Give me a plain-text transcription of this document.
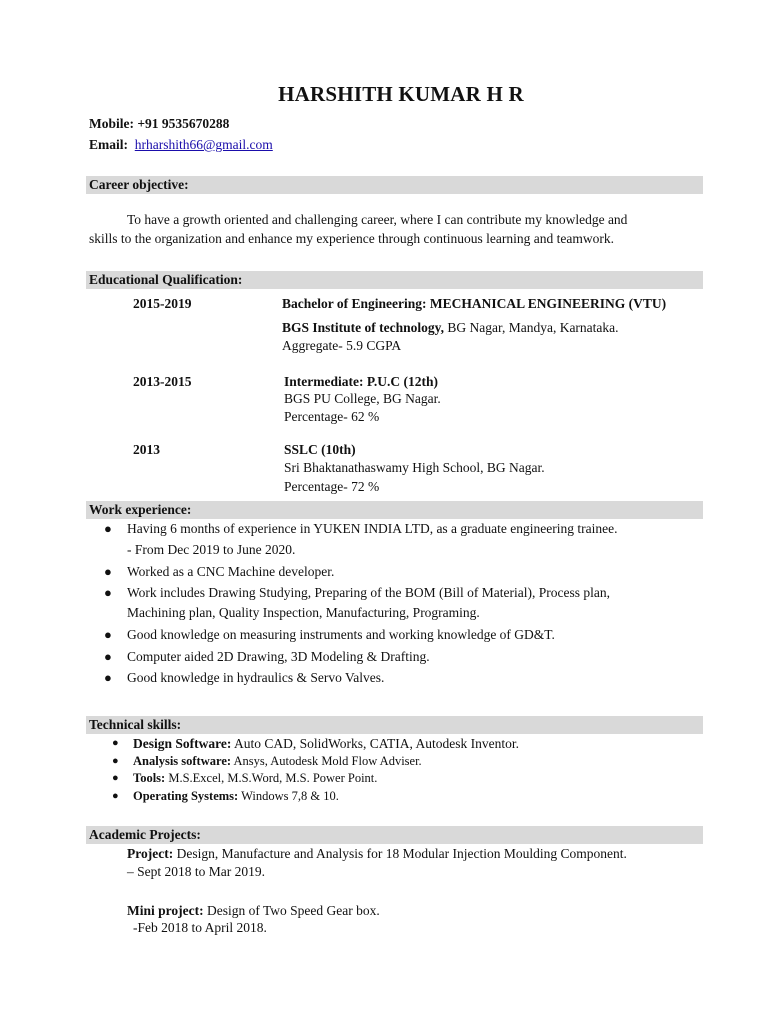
HARSHITH KUMAR H R
Mobile: +91 9535670288
Email: hrharshith66@gmail.com
Career objective:
To have a growth oriented and challenging career, where I can contribute my knowledge and
skills to the organization and enhance my experience through continuous learning and teamwork.
Educational Qualification:
2015-2019	Bachelor of Engineering: MECHANICAL ENGINEERING (VTU)
BGS Institute of technology, BG Nagar, Mandya, Karnataka.
Aggregate- 5.9 CGPA
2013-2015	Intermediate: P.U.C (12th)
BGS PU College, BG Nagar.
Percentage- 62 %
2013	SSLC (10th)
Sri Bhaktanathaswamy High School, BG Nagar.
Percentage- 72 %
Work experience:
● Having 6 months of experience in YUKEN INDIA LTD, as a graduate engineering trainee.
- From Dec 2019 to June 2020.
● Worked as a CNC Machine developer.
● Work includes Drawing Studying, Preparing of the BOM (Bill of Material), Process plan,
Machining plan, Quality Inspection, Manufacturing, Programing.
● Good knowledge on measuring instruments and working knowledge of GD&T.
● Computer aided 2D Drawing, 3D Modeling & Drafting.
● Good knowledge in hydraulics & Servo Valves.
Technical skills:
● Design Software: Auto CAD, SolidWorks, CATIA, Autodesk Inventor.
● Analysis software: Ansys, Autodesk Mold Flow Adviser.
● Tools: M.S.Excel, M.S.Word, M.S. Power Point.
● Operating Systems: Windows 7,8 & 10.
Academic Projects:
Project: Design, Manufacture and Analysis for 18 Modular Injection Moulding Component.
– Sept 2018 to Mar 2019.
Mini project: Design of Two Speed Gear box.
-Feb 2018 to April 2018.
